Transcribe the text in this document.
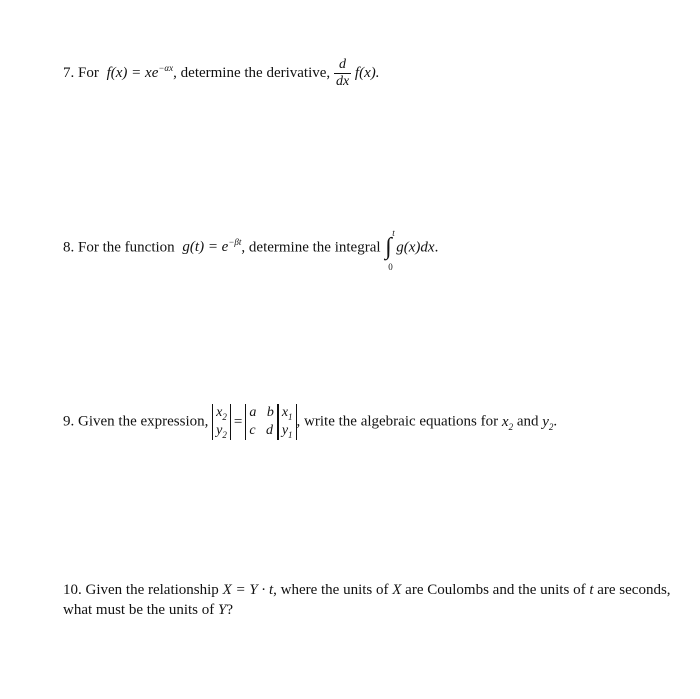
7. For $f(x) = xe^{-\alpha x}$, determine the derivative, $\frac{d}{dx} f(x)$.
8. For the function $g(t) = e^{-\beta t}$, determine the integral ∫
t
0
g(x)dx.
9. Given the expression,
$x_2$
$y_2$
=
a b
c d
$x_1$
$y_1$
, write the algebraic equations for $x_2$ and $y_2$.
10. Given the relationship X = Y · t, where the units of X are Coulombs and the units of t are seconds, what must be the units of Y?
